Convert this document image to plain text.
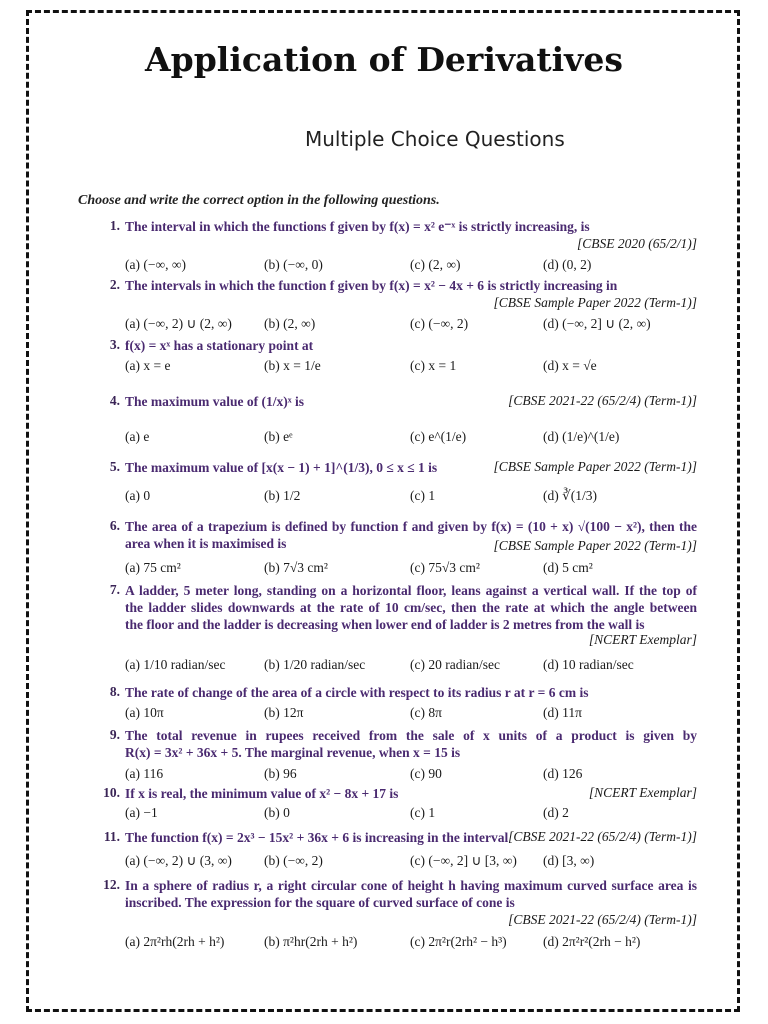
Application of Derivatives
Multiple Choice Questions
Choose and write the correct option in the following questions.
1. The interval in which the functions f given by f(x) = x² e⁻ˣ is strictly increasing, is
[CBSE 2020 (65/2/1)]
(a) (−∞, ∞)	(b) (−∞, 0)	(c) (2, ∞)	(d) (0, 2)
2. The intervals in which the function f given by f(x) = x² − 4x + 6 is strictly increasing in
[CBSE Sample Paper 2022 (Term-1)]
(a) (−∞, 2) ∪ (2, ∞) (b) (2, ∞)	(c) (−∞, 2)	(d) (−∞, 2] ∪ (2, ∞)
3. f(x) = xˣ has a stationary point at
(a) x = e	(b) x = 1/e	(c) x = 1	(d) x = √e
4. The maximum value of (1/x)ˣ is	[CBSE 2021-22 (65/2/4) (Term-1)]
(a) e	(b) eᵉ	(c) e^(1/e)	(d) (1/e)^(1/e)
5. The maximum value of [x(x − 1) + 1]^(1/3), 0 ≤ x ≤ 1 is	[CBSE Sample Paper 2022 (Term-1)]
(a) 0	(b) 1/2	(c) 1	(d) ∛(1/3)
6. The area of a trapezium is defined by function f and given by f(x) = (10 + x) √(100 − x²), then the
area when it is maximised is	[CBSE Sample Paper 2022 (Term-1)]
(a) 75 cm²	(b) 7√3 cm²	(c) 75√3 cm²	(d) 5 cm²
7. A ladder, 5 meter long, standing on a horizontal floor, leans against a vertical wall. If the top of
the ladder slides downwards at the rate of 10 cm/sec, then the rate at which the angle between
the floor and the ladder is decreasing when lower end of ladder is 2 metres from the wall is
[NCERT Exemplar]
(a) 1/10 radian/sec	(b) 1/20 radian/sec	(c) 20 radian/sec	(d) 10 radian/sec
8. The rate of change of the area of a circle with respect to its radius r at r = 6 cm is
(a) 10π	(b) 12π	(c) 8π	(d) 11π
9. The total revenue in rupees received from the sale of x units of a product is given by
R(x) = 3x² + 36x + 5. The marginal revenue, when x = 15 is
(a) 116	(b) 96	(c) 90	(d) 126
10. If x is real, the minimum value of x² − 8x + 17 is	[NCERT Exemplar]
(a) −1	(b) 0	(c) 1	(d) 2
11. The function f(x) = 2x³ − 15x² + 36x + 6 is increasing in the interval [CBSE 2021-22 (65/2/4) (Term-1)]
(a) (−∞, 2) ∪ (3, ∞) (b) (−∞, 2)	(c) (−∞, 2] ∪ [3, ∞) (d) [3, ∞)
12. In a sphere of radius r, a right circular cone of height h having maximum curved surface area is
inscribed. The expression for the square of curved surface of cone is
[CBSE 2021-22 (65/2/4) (Term-1)]
(a) 2π²rh(2rh + h²)	(b) π²hr(2rh + h²)	(c) 2π²r(2rh² − h³)	(d) 2π²r²(2rh − h²)
